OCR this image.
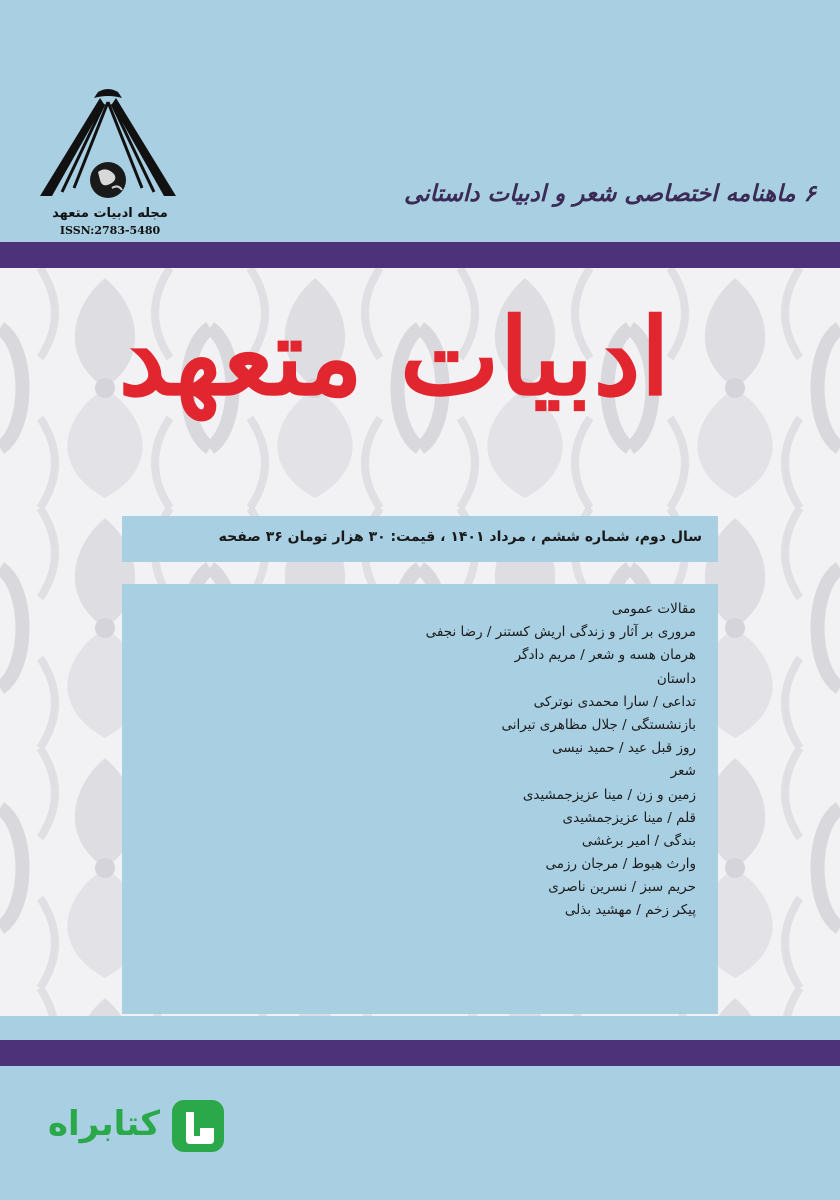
مجله ادبیات متعهد
ISSN:2783-5480
۶ ماهنامه اختصاصی شعر و ادبیات داستانی
ادبیات متعهد
سال دوم، شماره ششم ، مرداد ۱۴۰۱ ، قیمت: ۳۰ هزار تومان ۳۶ صفحه
مقالات عمومی
مروری بر آثار و زندگی اریش کستنر / رضا نجفی
هرمان هسه و شعر / مریم دادگر
داستان
تداعی / سارا محمدی نوترکی
بازنشستگی / جلال مظاهری تیرانی
روز قبل عید / حمید نیسی
شعر
زمین و زن / مینا عزیزجمشیدی
قلم / مینا عزیزجمشیدی
بندگی / امیر برغشی
وارث هبوط / مرجان رزمی
حریم سبز / نسرین ناصری
پیکر زخم / مهشید بذلی
کتابراه
